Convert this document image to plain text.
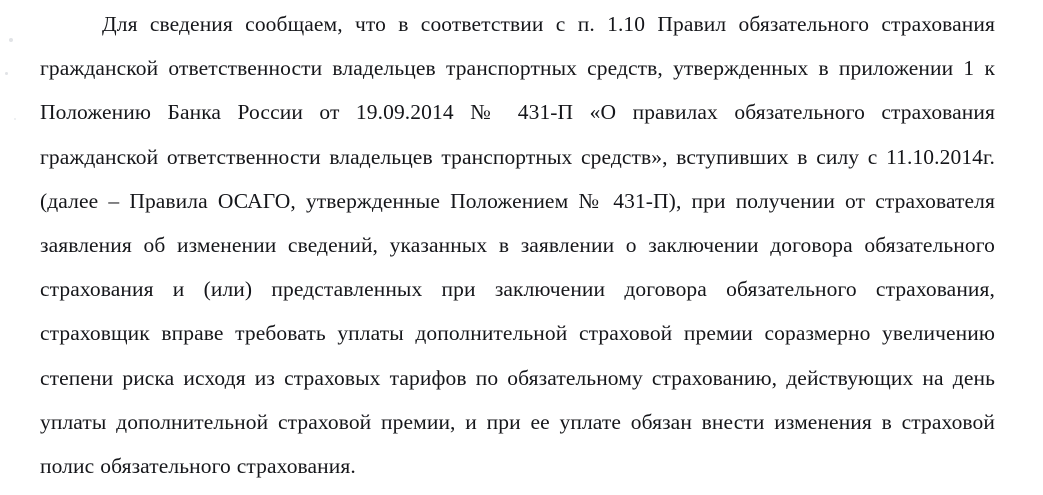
Для сведения сообщаем, что в соответствии с п. 1.10 Правил обязательного страхования гражданской ответственности владельцев транспортных средств, утвержденных в приложении 1 к Положению Банка России от 19.09.2014 № 431-П «О правилах обязательного страхования гражданской ответственности владельцев транспортных средств», вступивших в силу с 11.10.2014г. (далее – Правила ОСАГО, утвержденные Положением № 431-П), при получении от страхователя заявления об изменении сведений, указанных в заявлении о заключении договора обязательного страхования и (или) представленных при заключении договора обязательного страхования, страховщик вправе требовать уплаты дополнительной страховой премии соразмерно увеличению степени риска исходя из страховых тарифов по обязательному страхованию, действующих на день уплаты дополнительной страховой премии, и при ее уплате обязан внести изменения в страховой полис обязательного страхования.
